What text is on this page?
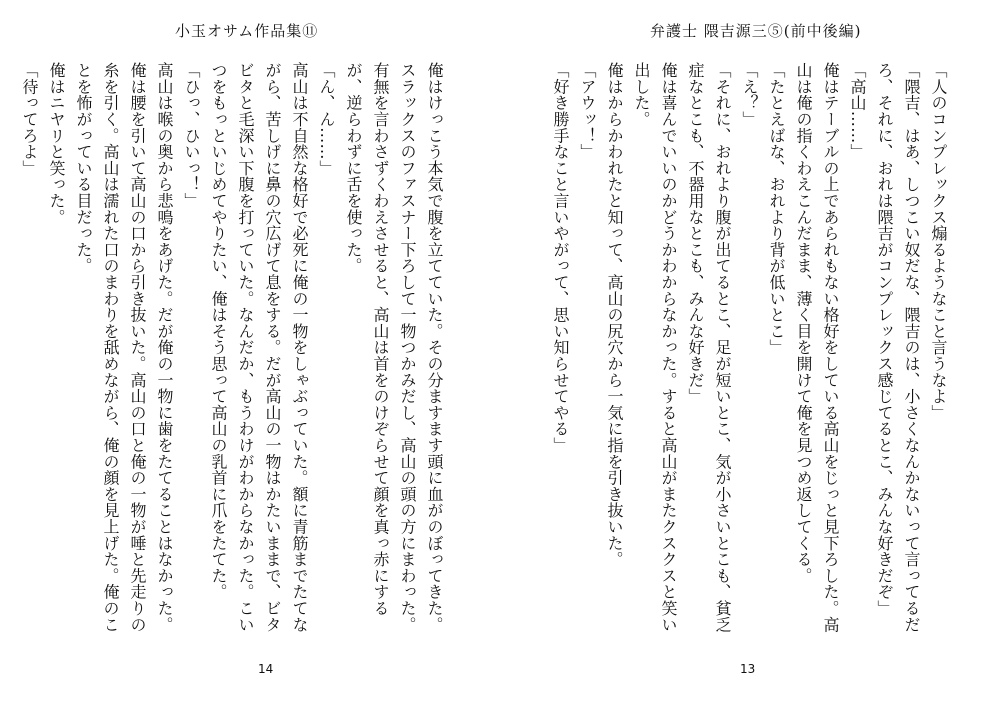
小玉オサム作品集⑪

俺はけっこう本気で腹を立てていた。その分ますます頭に血がのぼってきた。スラックスのファスナー下ろして一物つかみだし、高山の頭の方にまわった。有無を言わさずくわえさせると、高山は首をのけぞらせて顔を真っ赤にするが、逆らわずに舌を使った。

「ん、ん……」

高山は不自然な格好で必死に俺の一物をしゃぶっていた。額に青筋までたてながら、苦しげに鼻の穴広げて息をする。だが高山の一物はかたいままで、ビタビタと毛深い下腹を打っていた。なんだか、もうわけがわからなかった。こいつをもっといじめてやりたい、俺はそう思って高山の乳首に爪をたてた。

「ひっ、ひいっ！」

高山は喉の奥から悲鳴をあげた。だが俺の一物に歯をたてることはなかった。俺は腰を引いて高山の口から引き抜いた。高山の口と俺の一物が唾と先走りの糸を引く。高山は濡れた口のまわりを舐めながら、俺の顔を見上げた。俺のことを怖がっている目だった。

俺はニヤリと笑った。

「待ってろよ」

14
弁護士 隈吉源三⑤(前中後編)

「人のコンプレックス煽るようなこと言うなよ」

「隈吉、はあ、しつこい奴だな、隈吉のは、小さくなんかないって言ってるだろ、それに、おれは隈吉がコンプレックス感じてるとこ、みんな好きだぞ」

「高山……」

俺はテーブルの上であられもない格好をしている高山をじっと見下ろした。高山は俺の指くわえこんだまま、薄く目を開けて俺を見つめ返してくる。

「たとえばな、おれより背が低いとこ」

「え？」

「それに、おれより腹が出てるとこ、足が短いとこ、気が小さいとこも、貧乏症なとこも、不器用なとこも、みんな好きだ」

俺は喜んでいいのかどうかわからなかった。すると高山がまたクスクスと笑い出した。

俺はからかわれたと知って、高山の尻穴から一気に指を引き抜いた。

「アウッ！」

「好き勝手なこと言いやがって、思い知らせてやる」

13
